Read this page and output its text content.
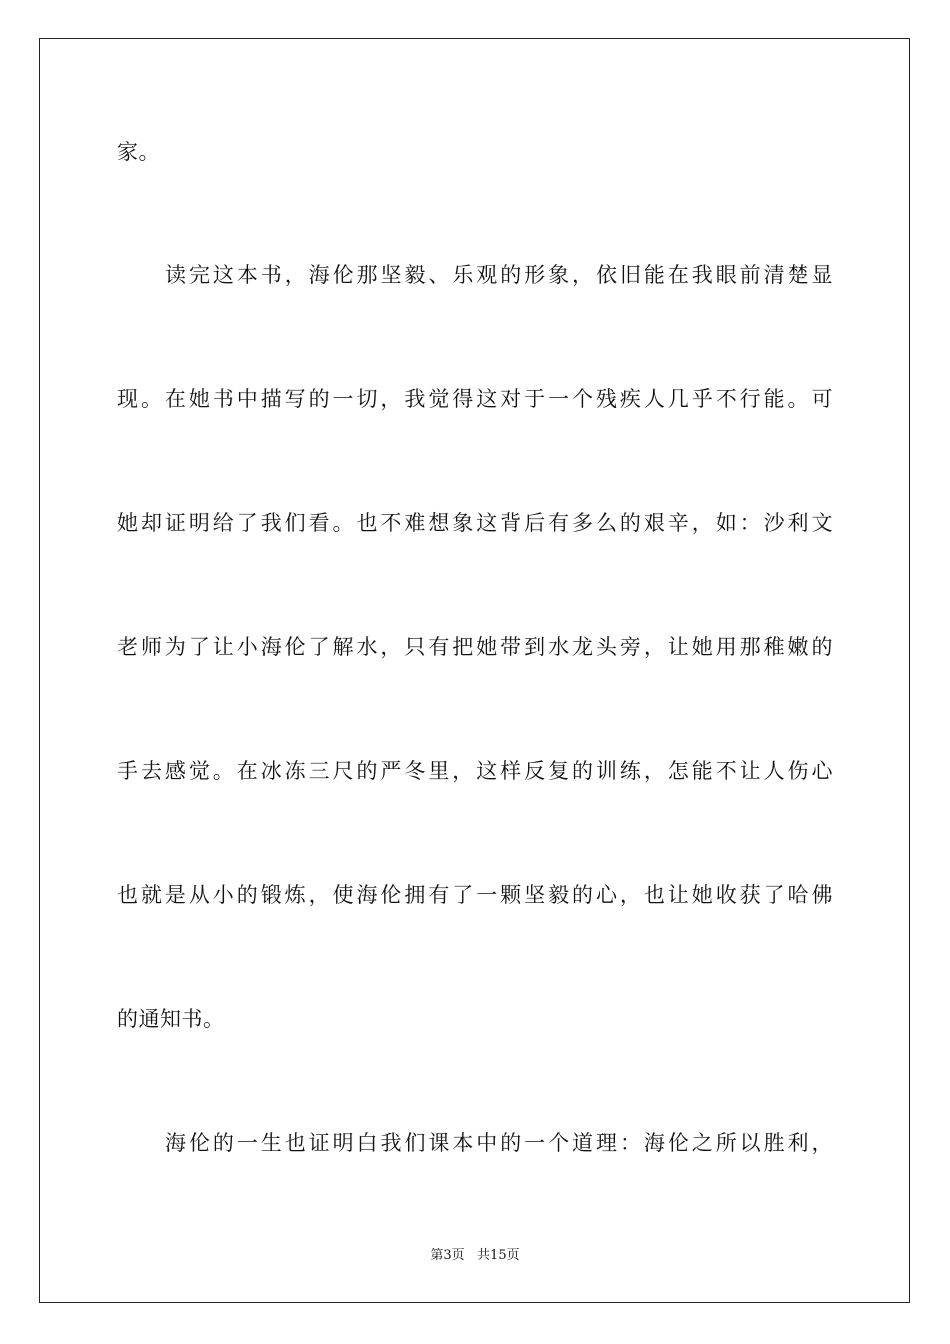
家。
读完这本书，海伦那坚毅、乐观的形象，依旧能在我眼前清楚显
现。在她书中描写的一切，我觉得这对于一个残疾人几乎不行能。可
她却证明给了我们看。也不难想象这背后有多么的艰辛，如：沙利文
老师为了让小海伦了解水，只有把她带到水龙头旁，让她用那稚嫩的
手去感觉。在冰冻三尺的严冬里，这样反复的训练，怎能不让人伤心
也就是从小的锻炼，使海伦拥有了一颗坚毅的心，也让她收获了哈佛
的通知书。
海伦的一生也证明白我们课本中的一个道理：海伦之所以胜利，
第3页   共15页
